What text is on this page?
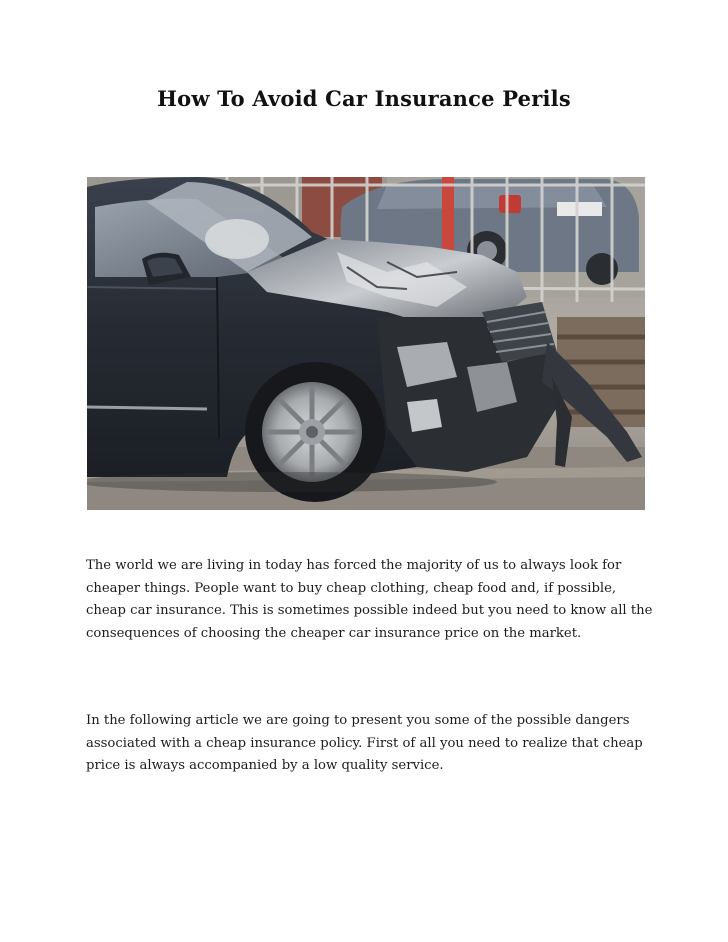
How To Avoid Car Insurance Perils

The world we are living in today has forced the majority of us to always look for cheaper things. People want to buy cheap clothing, cheap food and, if possible, cheap car insurance. This is sometimes possible indeed but you need to know all the consequences of choosing the cheaper car insurance price on the market.

In the following article we are going to present you some of the possible dangers associated with a cheap insurance policy. First of all you need to realize that cheap price is always accompanied by a low quality service.
